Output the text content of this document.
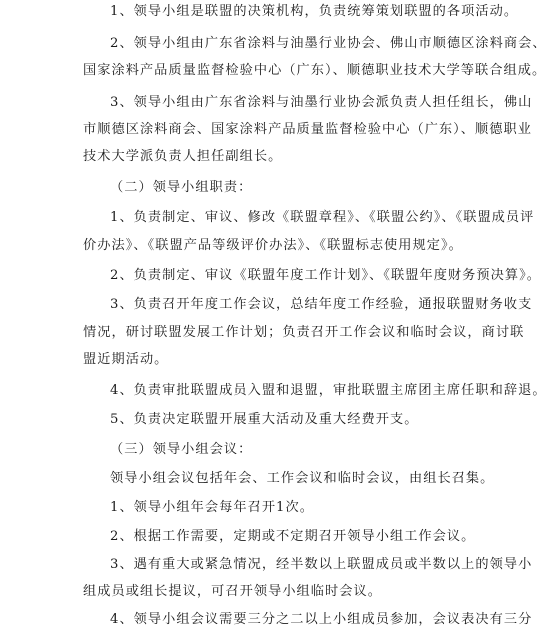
1、领导小组是联盟的决策机构，负责统筹策划联盟的各项活动。
2、领导小组由广东省涂料与油墨行业协会、佛山市顺德区涂料商会、
国家涂料产品质量监督检验中心（广东）、顺德职业技术大学等联合组成。
3、领导小组由广东省涂料与油墨行业协会派负责人担任组长，佛山
市顺德区涂料商会、国家涂料产品质量监督检验中心（广东）、顺德职业
技术大学派负责人担任副组长。
（二）领导小组职责：
1、负责制定、审议、修改《联盟章程》、《联盟公约》、《联盟成员评
价办法》、《联盟产品等级评价办法》、《联盟标志使用规定》。
2、负责制定、审议《联盟年度工作计划》、《联盟年度财务预决算》。
3、负责召开年度工作会议，总结年度工作经验，通报联盟财务收支
情况，研讨联盟发展工作计划；负责召开工作会议和临时会议，商讨联
盟近期活动。
4、负责审批联盟成员入盟和退盟，审批联盟主席团主席任职和辞退。
5、负责决定联盟开展重大活动及重大经费开支。
（三）领导小组会议：
领导小组会议包括年会、工作会议和临时会议，由组长召集。
1、领导小组年会每年召开1次。
2、根据工作需要，定期或不定期召开领导小组工作会议。
3、遇有重大或紧急情况，经半数以上联盟成员或半数以上的领导小
组成员或组长提议，可召开领导小组临时会议。
4、领导小组会议需要三分之二以上小组成员参加，会议表决有三分
